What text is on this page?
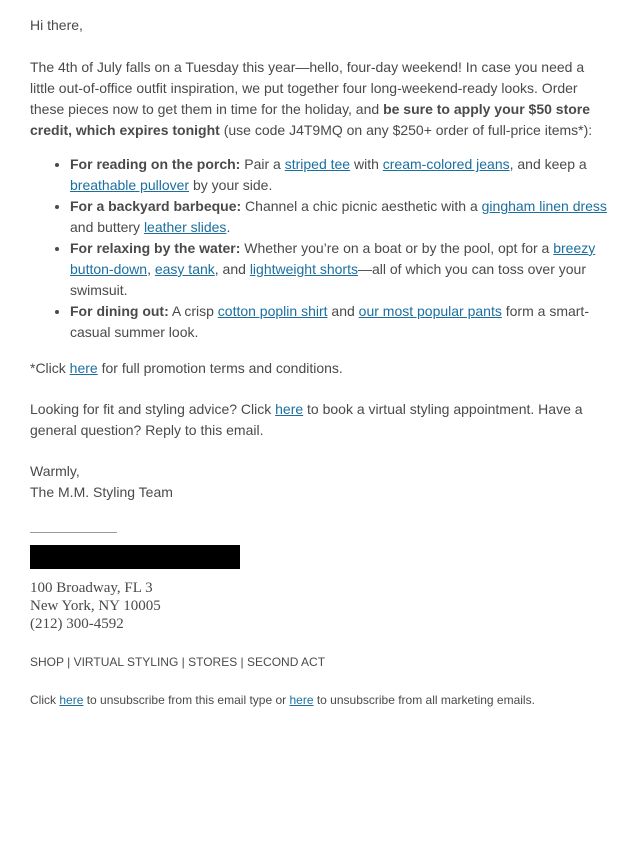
Hi there,

The 4th of July falls on a Tuesday this year—hello, four-day weekend! In case you need a little out-of-office outfit inspiration, we put together four long-weekend-ready looks. Order these pieces now to get them in time for the holiday, and be sure to apply your $50 store credit, which expires tonight (use code J4T9MQ on any $250+ order of full-price items*):

• For reading on the porch: Pair a striped tee with cream-colored jeans, and keep a breathable pullover by your side.
• For a backyard barbeque: Channel a chic picnic aesthetic with a gingham linen dress and buttery leather slides.
• For relaxing by the water: Whether you’re on a boat or by the pool, opt for a breezy button-down, easy tank, and lightweight shorts—all of which you can toss over your swimsuit.
• For dining out: A crisp cotton poplin shirt and our most popular pants form a smart-casual summer look.

*Click here for full promotion terms and conditions.

Looking for fit and styling advice? Click here to book a virtual styling appointment. Have a general question? Reply to this email.

Warmly,
The M.M. Styling Team

100 Broadway, FL 3
New York, NY 10005
(212) 300-4592
SHOP | VIRTUAL STYLING | STORES | SECOND ACT

Click here to unsubscribe from this email type or here to unsubscribe from all marketing emails.
